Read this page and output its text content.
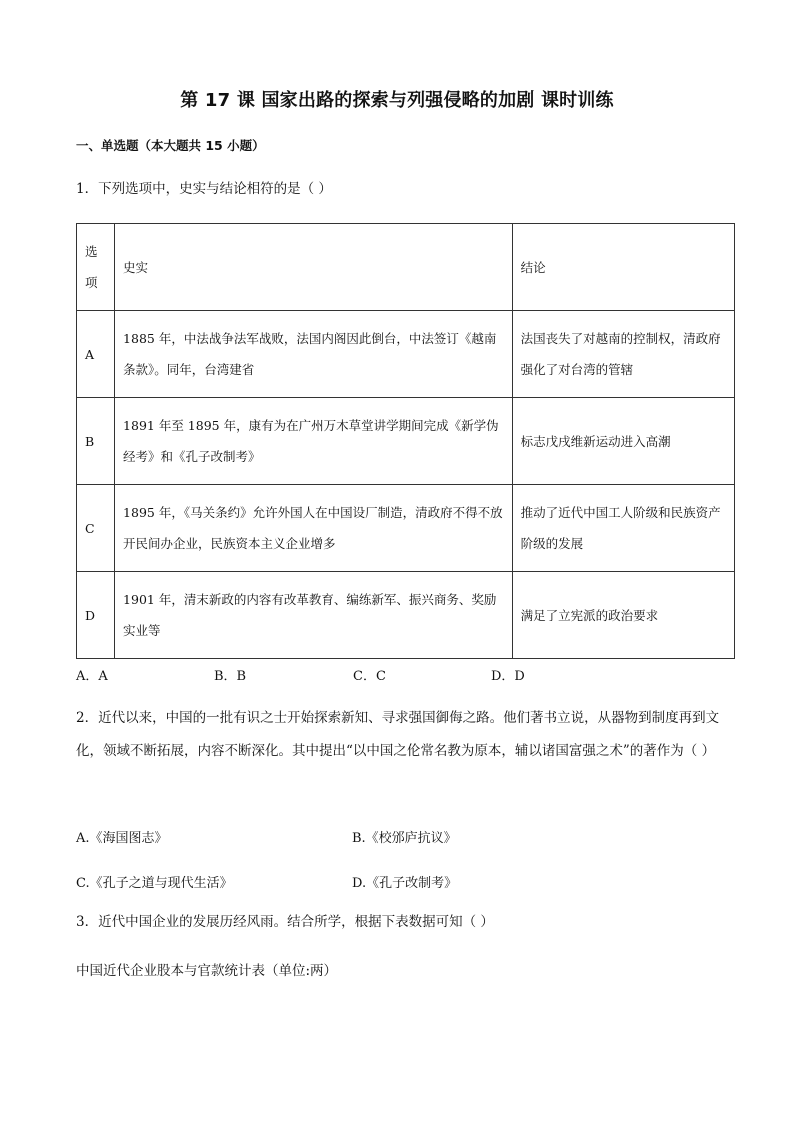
第 17 课 国家出路的探索与列强侵略的加剧 课时训练
一、单选题（本大题共 15 小题）
1．下列选项中，史实与结论相符的是（ ）
选项	史实	结论
A	1885 年，中法战争法军战败，法国内阁因此倒台，中法签订《越南条款》。同年，台湾建省	法国丧失了对越南的控制权，清政府强化了对台湾的管辖
B	1891 年至 1895 年，康有为在广州万木草堂讲学期间完成《新学伪经考》和《孔子改制考》	标志戊戌维新运动进入高潮
C	1895 年，《马关条约》允许外国人在中国设厂制造，清政府不得不放开民间办企业，民族资本主义企业增多	推动了近代中国工人阶级和民族资产阶级的发展
D	1901 年，清末新政的内容有改革教育、编练新军、振兴商务、奖励实业等	满足了立宪派的政治要求
A．A	B．B	C．C	D．D
2．近代以来，中国的一批有识之士开始探索新知、寻求强国御侮之路。他们著书立说，从器物到制度再到文化，领域不断拓展，内容不断深化。其中提出“以中国之伦常名教为原本，辅以诸国富强之术”的著作为（ ）
A.《海国图志》	B.《校邠庐抗议》
C.《孔子之道与现代生活》	D.《孔子改制考》
3．近代中国企业的发展历经风雨。结合所学，根据下表数据可知（ ）
中国近代企业股本与官款统计表（单位:两）
